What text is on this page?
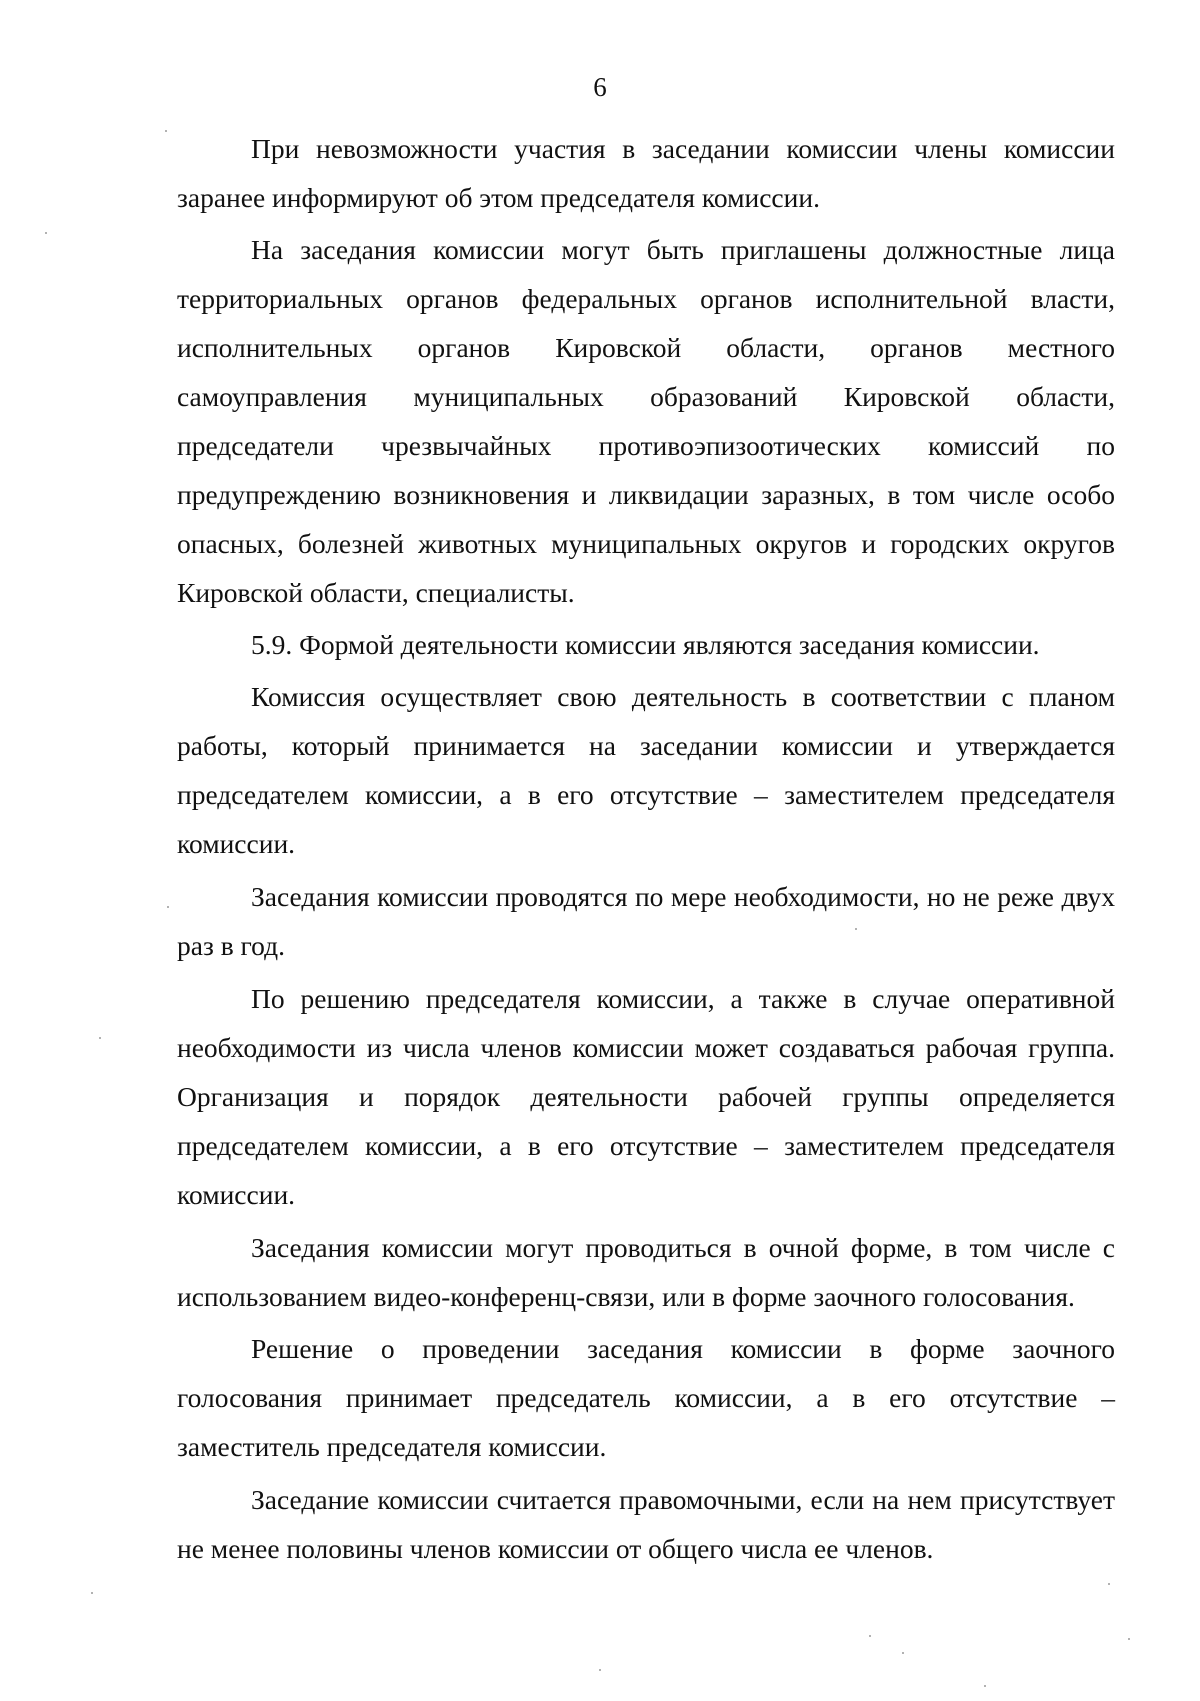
6

При невозможности участия в заседании комиссии члены комиссии заранее информируют об этом председателя комиссии.

На заседания комиссии могут быть приглашены должностные лица территориальных органов федеральных органов исполнительной власти, исполнительных органов Кировской области, органов местного самоуправления муниципальных образований Кировской области, председатели чрезвычайных противоэпизоотических комиссий по предупреждению возникновения и ликвидации заразных, в том числе особо опасных, болезней животных муниципальных округов и городских округов Кировской области, специалисты.

5.9. Формой деятельности комиссии являются заседания комиссии.

Комиссия осуществляет свою деятельность в соответствии с планом работы, который принимается на заседании комиссии и утверждается председателем комиссии, а в его отсутствие – заместителем председателя комиссии.

Заседания комиссии проводятся по мере необходимости, но не реже двух раз в год.

По решению председателя комиссии, а также в случае оперативной необходимости из числа членов комиссии может создаваться рабочая группа. Организация и порядок деятельности рабочей группы определяется председателем комиссии, а в его отсутствие – заместителем председателя комиссии.

Заседания комиссии могут проводиться в очной форме, в том числе с использованием видео-конференц-связи, или в форме заочного голосования.

Решение о проведении заседания комиссии в форме заочного голосования принимает председатель комиссии, а в его отсутствие – заместитель председателя комиссии.

Заседание комиссии считается правомочными, если на нем присутствует не менее половины членов комиссии от общего числа ее членов.
